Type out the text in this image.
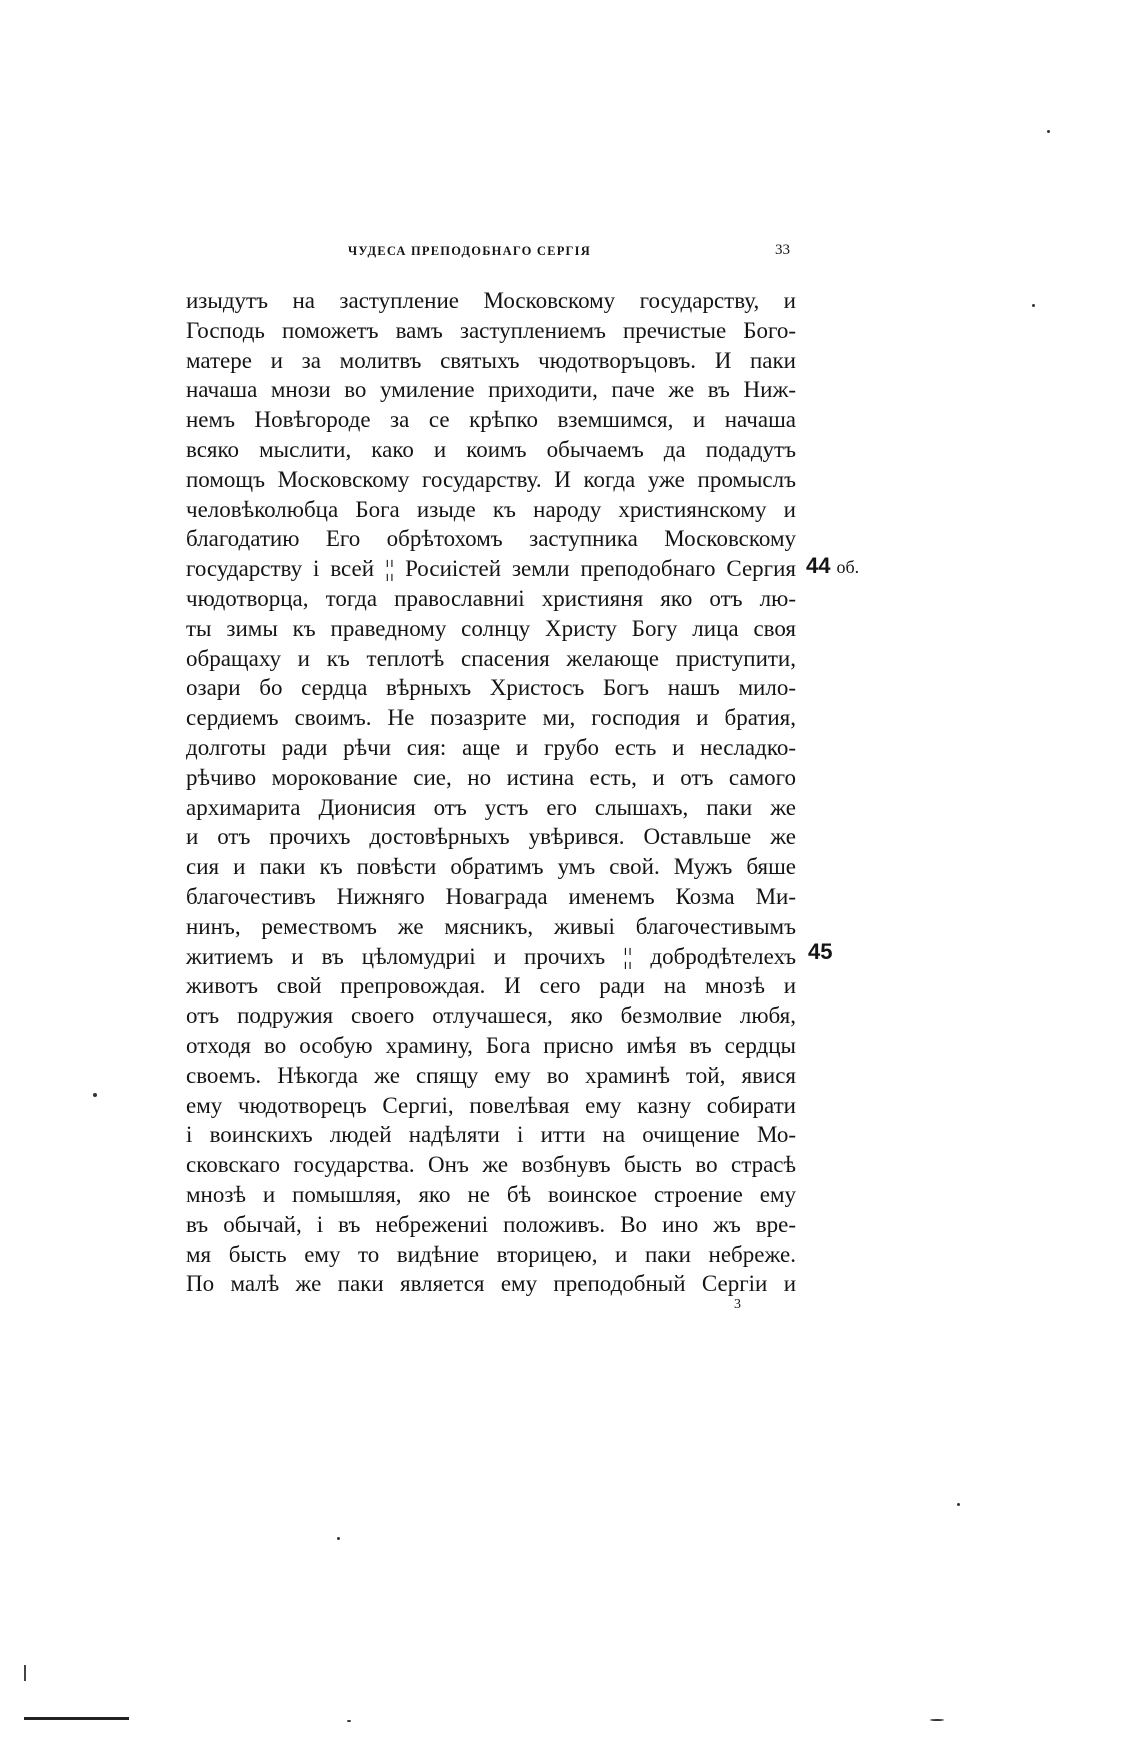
ЧУДЕСА ПРЕПОДОБНАГО СЕРГІЯ	33
изыдутъ на заступление Московскому государству, и
Господь поможетъ вамъ заступлениемъ пречистые Бого-
матере и за молитвъ святыхъ чюдотворъцовъ. И паки
начаша мнози во умиление приходити, паче же въ Ниж-
немъ Новѣгороде за се крѣпко вземшимся, и начаша
всяко мыслити, како и коимъ обычаемъ да подадутъ
помощъ Московскому государству. И когда уже промыслъ
человѣколюбца Бога изыде къ народу християнскому и
благодатию Его обрѣтохомъ заступника Московскому
государству і всей ¦¦ Росиістей земли преподобнаго Сергия
чюдотворца, тогда православниі християня яко отъ лю-
ты зимы къ праведному солнцу Христу Богу лица своя
обращаху и къ теплотѣ спасения желающе приступити,
озари бо сердца вѣрныхъ Христосъ Богъ нашъ мило-
сердиемъ своимъ. Не позазрите ми, господия и братия,
долготы ради рѣчи сия: аще и грубо есть и несладко-
рѣчиво морокование сие, но истина есть, и отъ самого
архимарита Дионисия отъ устъ его слышахъ, паки же
и отъ прочихъ достовѣрныхъ увѣрився. Оставльше же
сия и паки къ повѣсти обратимъ умъ свой. Мужъ бяше
благочестивъ Нижняго Новаграда именемъ Козма Ми-
нинъ, ремествомъ же мясникъ, живыі благочестивымъ
житиемъ и въ цѣломудриі и прочихъ ¦¦ добродѣтелехъ
животъ свой препровождая. И сего ради на мнозѣ и
отъ подружия своего отлучашеся, яко безмолвие любя,
отходя во особую храмину, Бога присно имѣя въ сердцы
своемъ. Нѣкогда же спящу ему во храминѣ той, явися
ему чюдотворецъ Сергиі, повелѣвая ему казну собирати
і воинскихъ людей надѣляти і итти на очищение Мо-
сковскаго государства. Онъ же возбнувъ бысть во страсѣ
мнозѣ и помышляя, яко не бѣ воинское строение ему
въ обычай, і въ небрежениі положивъ. Во ино жъ вре-
мя бысть ему то видѣние вторицею, и паки небреже.
По малѣ же паки является ему преподобный Сергіи и
44 об.
45
3
